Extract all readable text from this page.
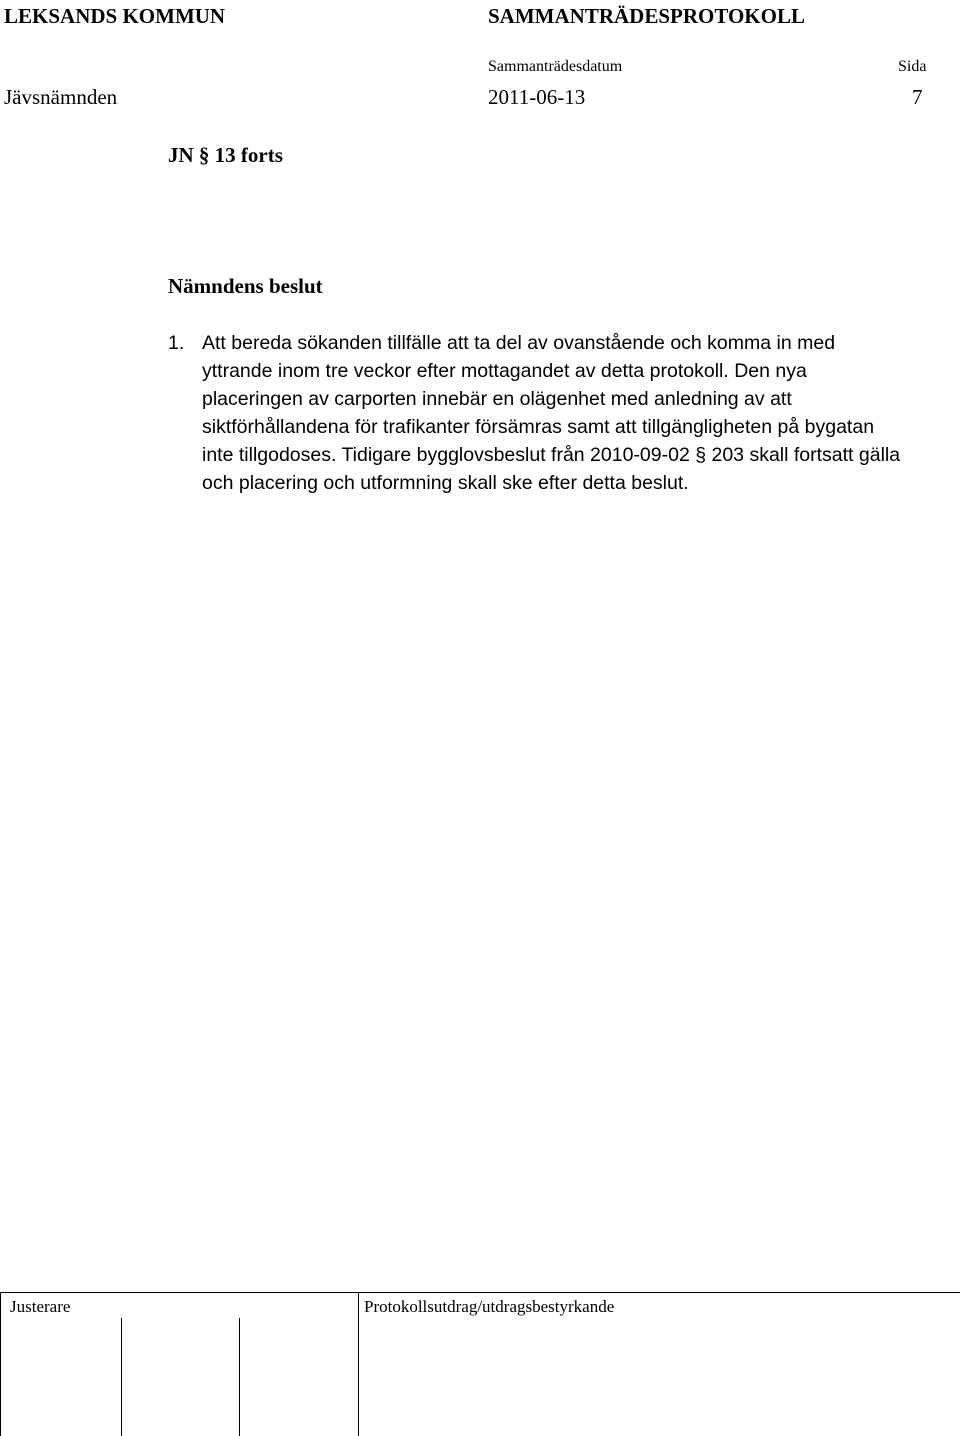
LEKSANDS KOMMUN	SAMMANTRÄDESPROTOKOLL
Sammanträdesdatum	Sida
Jävsnämnden	2011-06-13	7
JN § 13 forts
Nämndens beslut
1. Att bereda sökanden tillfälle att ta del av ovanstående och komma in med yttrande inom tre veckor efter mottagandet av detta protokoll. Den nya placeringen av carporten innebär en olägenhet med anledning av att siktförhållandena för trafikanter försämras samt att tillgängligheten på bygatan inte tillgodoses. Tidigare bygglovsbeslut från 2010-09-02 § 203 skall fortsatt gälla och placering och utformning skall ske efter detta beslut.
Justerare	Protokollsutdrag/utdragsbestyrkande
